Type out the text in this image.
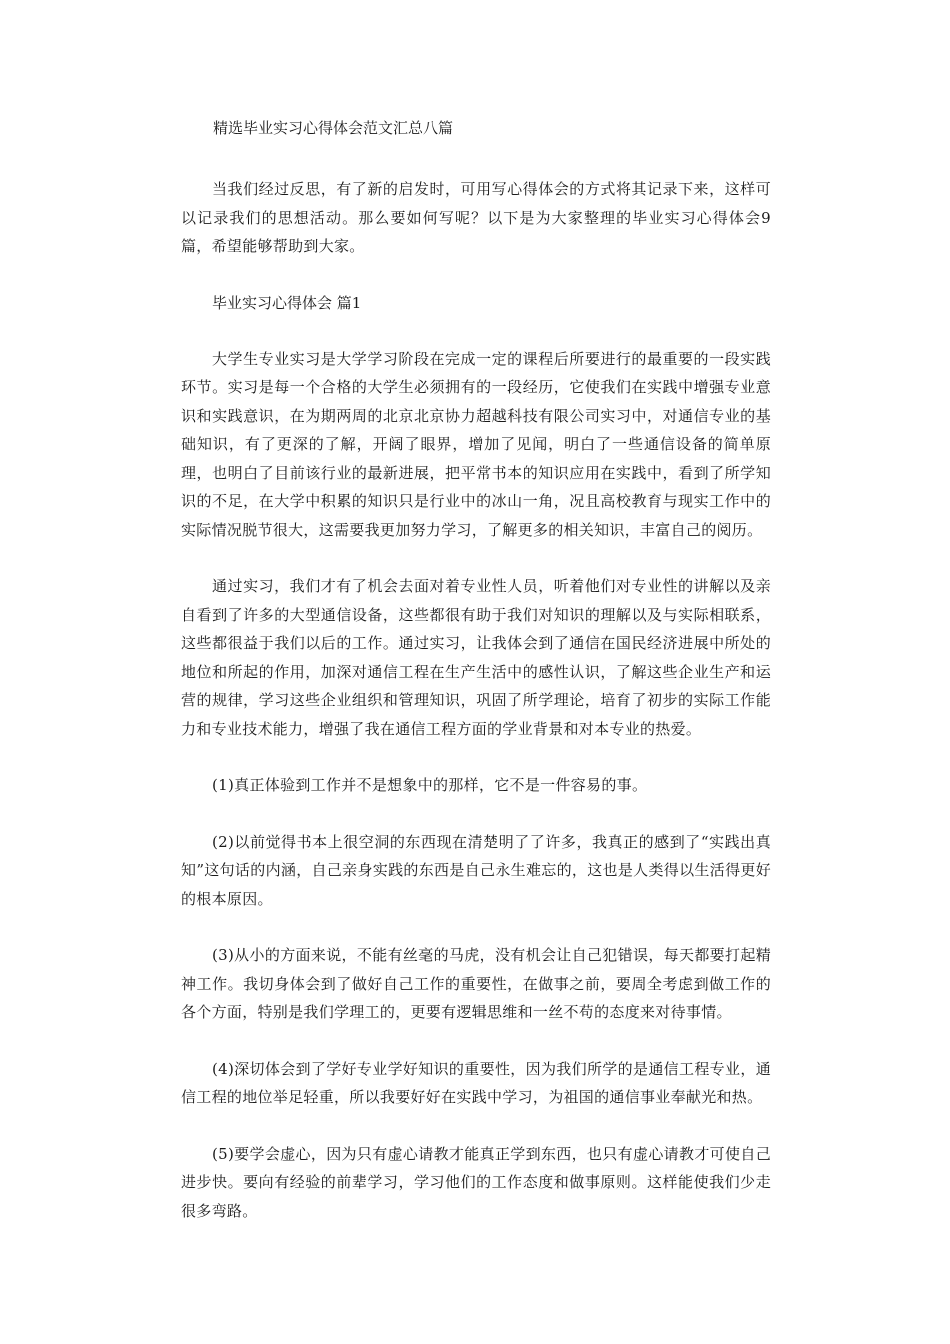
精选毕业实习心得体会范文汇总八篇

当我们经过反思，有了新的启发时，可用写心得体会的方式将其记录下来，这样可以记录我们的思想活动。那么要如何写呢？以下是为大家整理的毕业实习心得体会9篇，希望能够帮助到大家。

毕业实习心得体会 篇1

大学生专业实习是大学学习阶段在完成一定的课程后所要进行的最重要的一段实践环节。实习是每一个合格的大学生必须拥有的一段经历，它使我们在实践中增强专业意识和实践意识，在为期两周的北京北京协力超越科技有限公司实习中，对通信专业的基础知识，有了更深的了解，开阔了眼界，增加了见闻，明白了一些通信设备的简单原理，也明白了目前该行业的最新进展，把平常书本的知识应用在实践中，看到了所学知识的不足，在大学中积累的知识只是行业中的冰山一角，况且高校教育与现实工作中的实际情况脱节很大，这需要我更加努力学习，了解更多的相关知识，丰富自己的阅历。

通过实习，我们才有了机会去面对着专业性人员，听着他们对专业性的讲解以及亲自看到了许多的大型通信设备，这些都很有助于我们对知识的理解以及与实际相联系，这些都很益于我们以后的工作。通过实习，让我体会到了通信在国民经济进展中所处的地位和所起的作用，加深对通信工程在生产生活中的感性认识，了解这些企业生产和运营的规律，学习这些企业组织和管理知识，巩固了所学理论，培育了初步的实际工作能力和专业技术能力，增强了我在通信工程方面的学业背景和对本专业的热爱。

(1)真正体验到工作并不是想象中的那样，它不是一件容易的事。

(2)以前觉得书本上很空洞的东西现在清楚明了了许多，我真正的感到了“实践出真知”这句话的内涵，自己亲身实践的东西是自己永生难忘的，这也是人类得以生活得更好的根本原因。

(3)从小的方面来说，不能有丝毫的马虎，没有机会让自己犯错误，每天都要打起精神工作。我切身体会到了做好自己工作的重要性，在做事之前，要周全考虑到做工作的各个方面，特别是我们学理工的，更要有逻辑思维和一丝不苟的态度来对待事情。

(4)深切体会到了学好专业学好知识的重要性，因为我们所学的是通信工程专业，通信工程的地位举足轻重，所以我要好好在实践中学习，为祖国的通信事业奉献光和热。

(5)要学会虚心，因为只有虚心请教才能真正学到东西，也只有虚心请教才可使自己进步快。要向有经验的前辈学习，学习他们的工作态度和做事原则。这样能使我们少走很多弯路。
